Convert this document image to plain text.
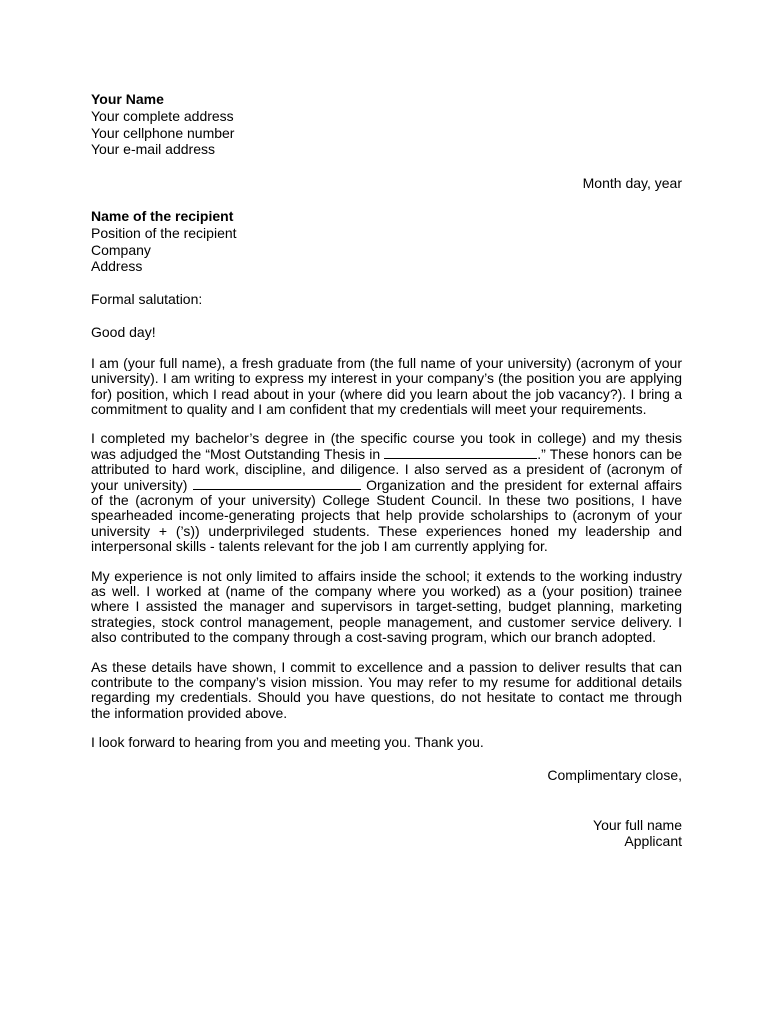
Your Name
Your complete address
Your cellphone number
Your e-mail address
Month day, year
Name of the recipient
Position of the recipient
Company
Address
Formal salutation:
Good day!

I am (your full name), a fresh graduate from (the full name of your university) (acronym of your university). I am writing to express my interest in your company’s (the position you are applying for) position, which I read about in your (where did you learn about the job vacancy?). I bring a commitment to quality and I am confident that my credentials will meet your requirements.

I completed my bachelor’s degree in (the specific course you took in college) and my thesis was adjudged the “Most Outstanding Thesis in	.” These honors can be attributed to hard work, discipline, and diligence. I also served as a president of (acronym of your university)	Organization and the president for external affairs of the (acronym of your university) College Student Council. In these two positions, I have spearheaded income-generating projects that help provide scholarships to (acronym of your university + (’s)) underprivileged students. These experiences honed my leadership and interpersonal skills - talents relevant for the job I am currently applying for.

My experience is not only limited to affairs inside the school; it extends to the working industry as well. I worked at (name of the company where you worked) as a (your position) trainee where I assisted the manager and supervisors in target-setting, budget planning, marketing strategies, stock control management, people management, and customer service delivery. I also contributed to the company through a cost-saving program, which our branch adopted.

As these details have shown, I commit to excellence and a passion to deliver results that can contribute to the company’s vision mission. You may refer to my resume for additional details regarding my credentials. Should you have questions, do not hesitate to contact me through the information provided above.

I look forward to hearing from you and meeting you. Thank you.

Complimentary close,
Your full name
Applicant
